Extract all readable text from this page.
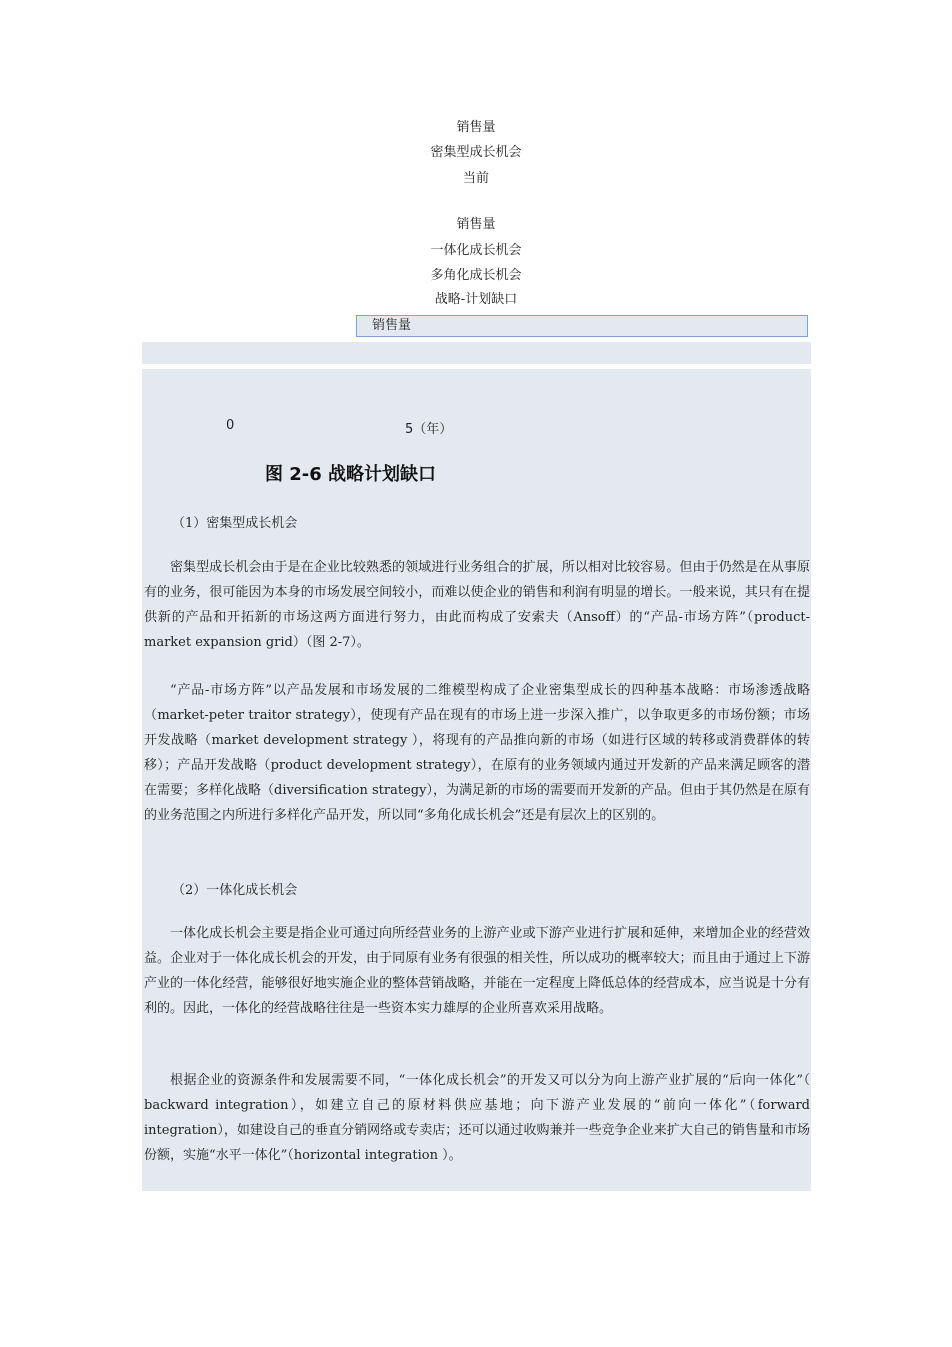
销售量
密集型成长机会
当前
销售量
一体化成长机会
多角化成长机会
战略-计划缺口
销售量
0	5（年）
图 2-6 战略计划缺口
（1）密集型成长机会

密集型成长机会由于是在企业比较熟悉的领域进行业务组合的扩展，所以相对比较容易。但由于仍然是在从事原有的业务，很可能因为本身的市场发展空间较小，而难以使企业的销售和利润有明显的增长。一般来说，其只有在提供新的产品和开拓新的市场这两方面进行努力，由此而构成了安索夫（Ansoff）的“产品-市场方阵”（product-market expansion grid）（图 2-7）。

“产品-市场方阵”以产品发展和市场发展的二维模型构成了企业密集型成长的四种基本战略：市场渗透战略（market-peter traitor strategy），使现有产品在现有的市场上进一步深入推广，以争取更多的市场份额；市场开发战略（market development strategy ），将现有的产品推向新的市场（如进行区域的转移或消费群体的转移）；产品开发战略（product development strategy），在原有的业务领域内通过开发新的产品来满足顾客的潜在需要；多样化战略（diversification strategy），为满足新的市场的需要而开发新的产品。但由于其仍然是在原有的业务范围之内所进行多样化产品开发，所以同“多角化成长机会”还是有层次上的区别的。

（2）一体化成长机会

一体化成长机会主要是指企业可通过向所经营业务的上游产业或下游产业进行扩展和延伸，来增加企业的经营效益。企业对于一体化成长机会的开发，由于同原有业务有很强的相关性，所以成功的概率较大；而且由于通过上下游产业的一体化经营，能够很好地实施企业的整体营销战略，并能在一定程度上降低总体的经营成本，应当说是十分有利的。因此，一体化的经营战略往往是一些资本实力雄厚的企业所喜欢采用战略。

根据企业的资源条件和发展需要不同，“一体化成长机会”的开发又可以分为向上游产业扩展的“后向一体化”（ backward integration），如建立自己的原材料供应基地；向下游产业发展的“前向一体化”（forward integration），如建设自己的垂直分销网络或专卖店；还可以通过收购兼并一些竞争企业来扩大自己的销售量和市场份额，实施“水平一体化”（horizontal integration ）。
